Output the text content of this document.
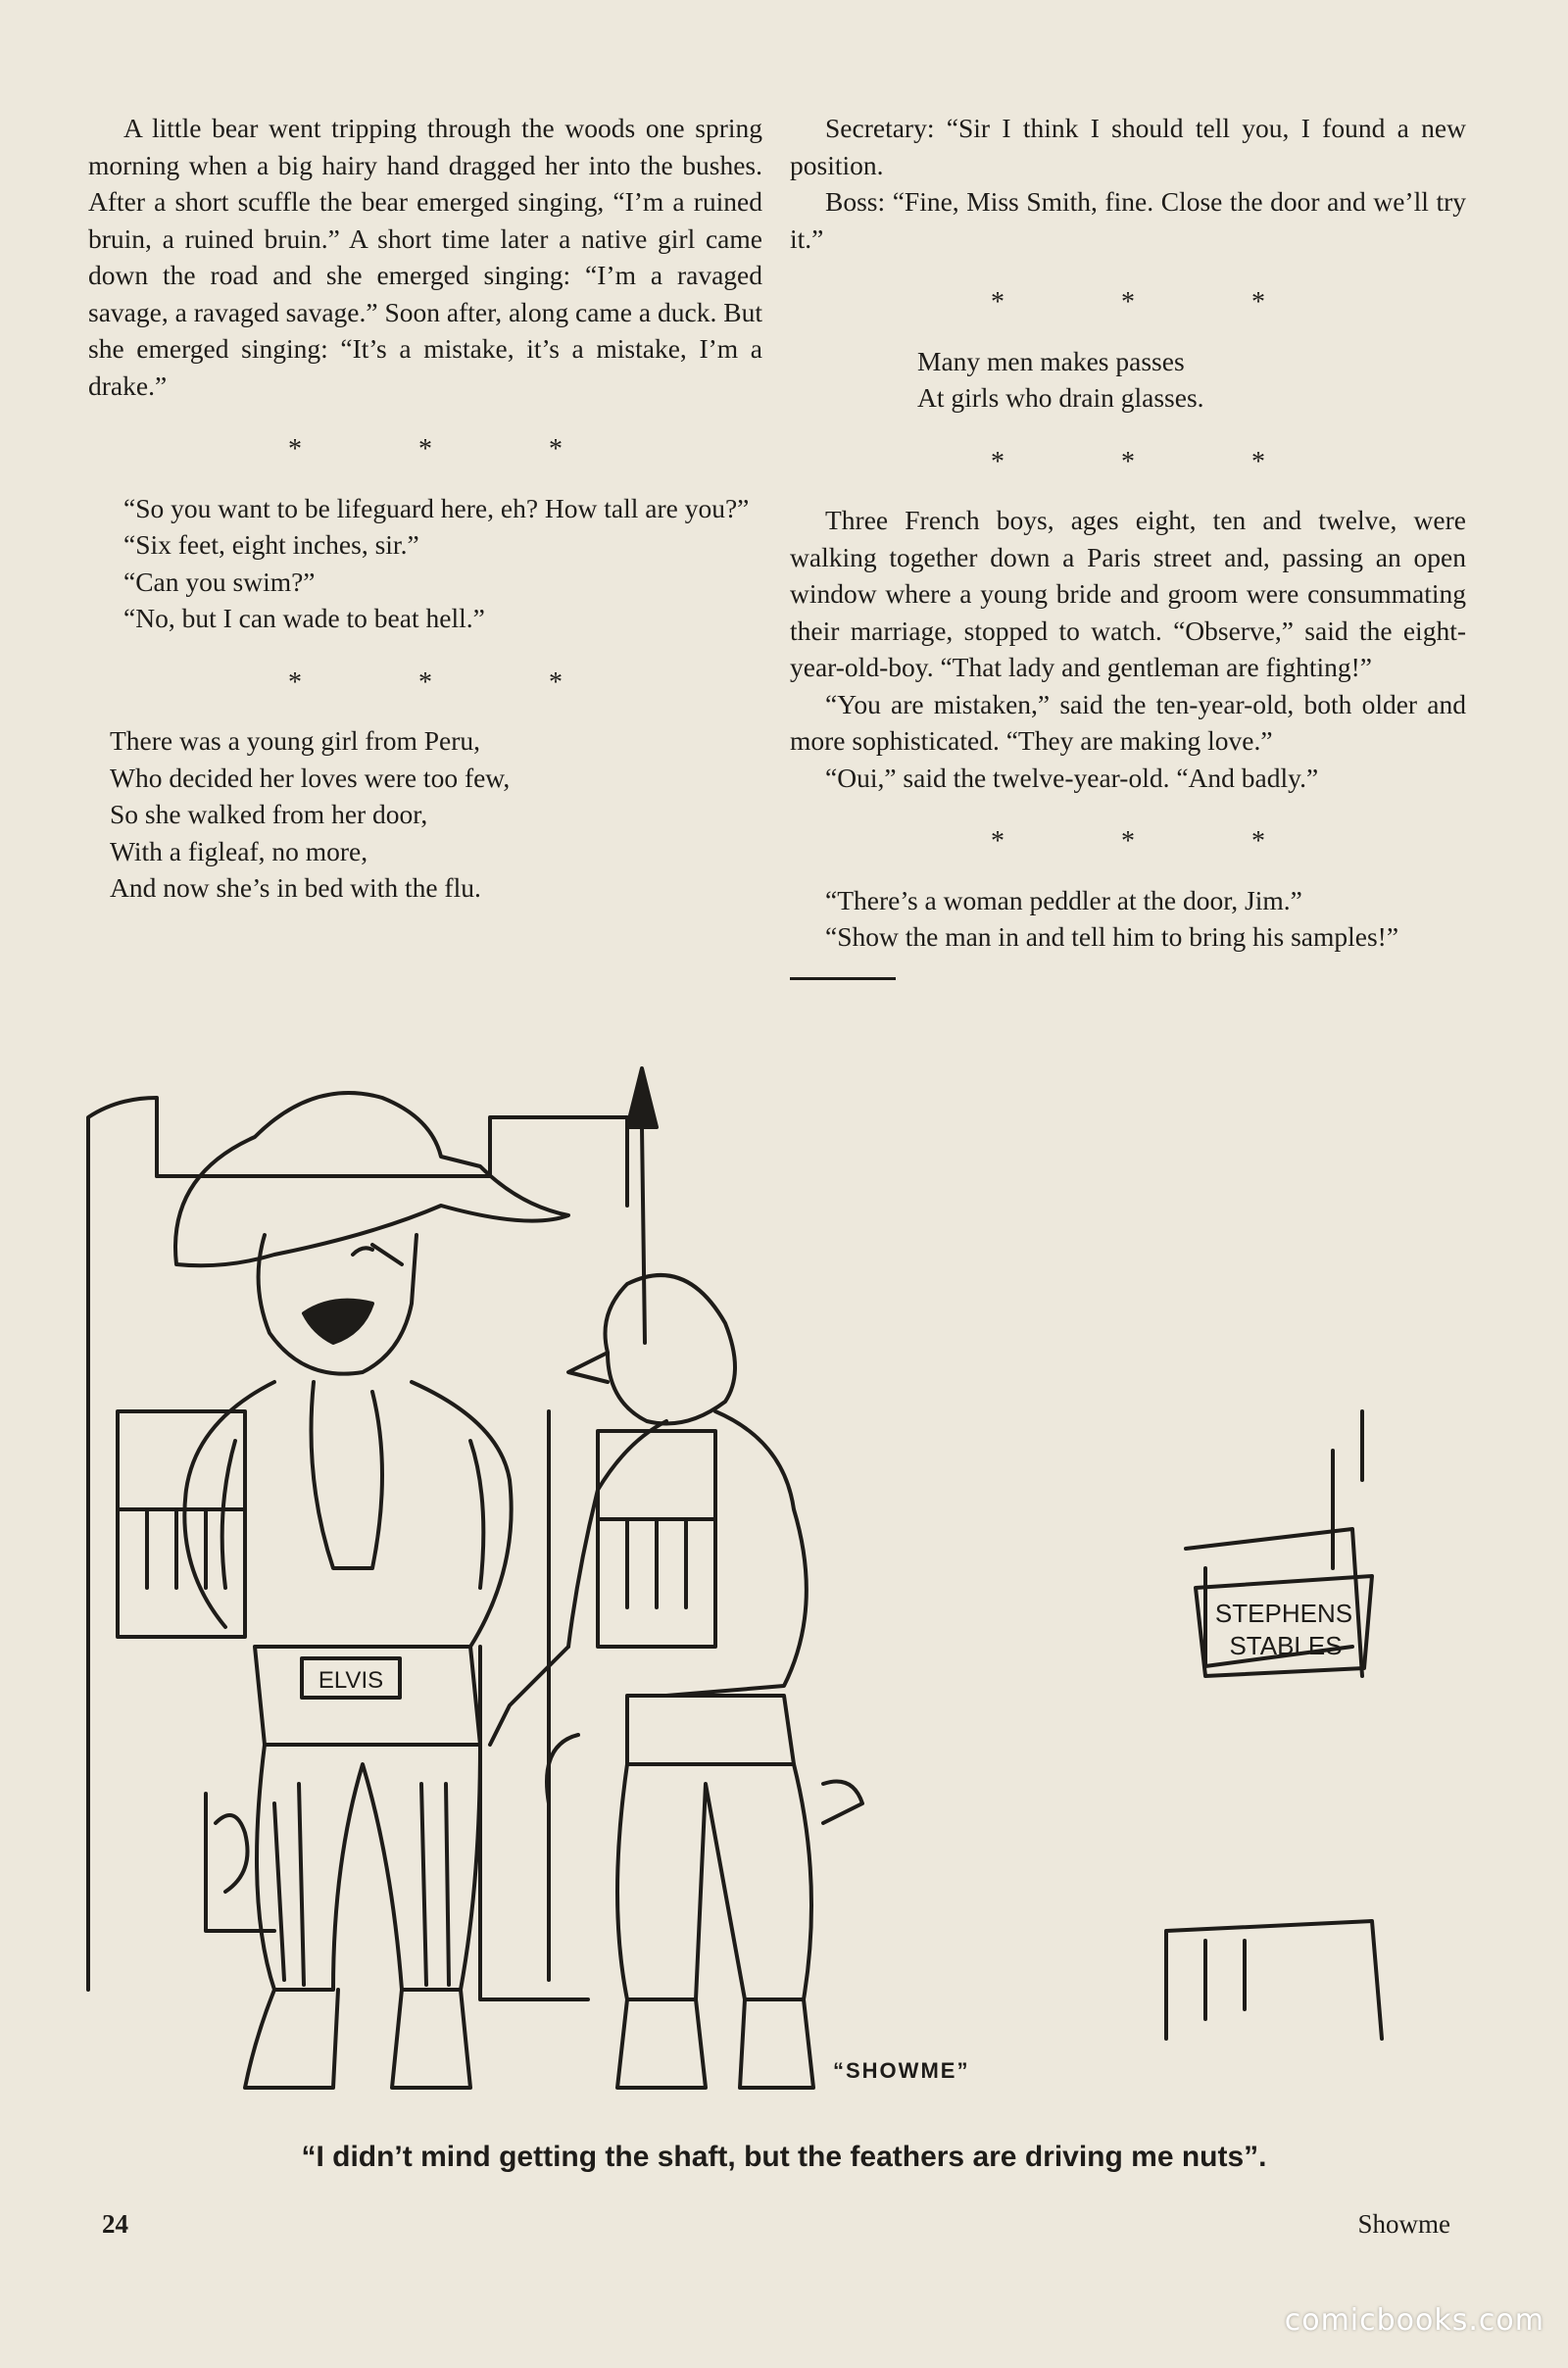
A little bear went tripping through the woods one spring morning when a big hairy hand dragged her into the bushes. After a short scuffle the bear emerged singing, “I’m a ruined bruin, a ruined bruin.” A short time later a native girl came down the road and she emerged singing: “I’m a ravaged savage, a ravaged savage.” Soon after, along came a duck. But she emerged singing: “It’s a mistake, it’s a mistake, I’m a drake.”

* * *

“So you want to be lifeguard here, eh? How tall are you?”

“Six feet, eight inches, sir.”

“Can you swim?”

“No, but I can wade to beat hell.”

* * *

There was a young girl from Peru,

Who decided her loves were too few,

So she walked from her door,

With a figleaf, no more,

And now she’s in bed with the flu.

Secretary: “Sir I think I should tell you, I found a new position.

Boss: “Fine, Miss Smith, fine. Close the door and we’ll try it.”

* * *

Many men makes passes

At girls who drain glasses.

* * *

Three French boys, ages eight, ten and twelve, were walking together down a Paris street and, passing an open window where a young bride and groom were consummating their marriage, stopped to watch. “Observe,” said the eight-year-old-boy. “That lady and gentleman are fighting!”

“You are mistaken,” said the ten-year-old, both older and more sophisticated. “They are making love.”

“Oui,” said the twelve-year-old. “And badly.”

* * *

“There’s a woman peddler at the door, Jim.”

“Show the man in and tell him to bring his samples!”

STEPHENS
STABLES
ELVIS
“SHOWME”
“I didn’t mind getting the shaft, but the feathers are driving me nuts”.
24	Showme
comicbooks.com
